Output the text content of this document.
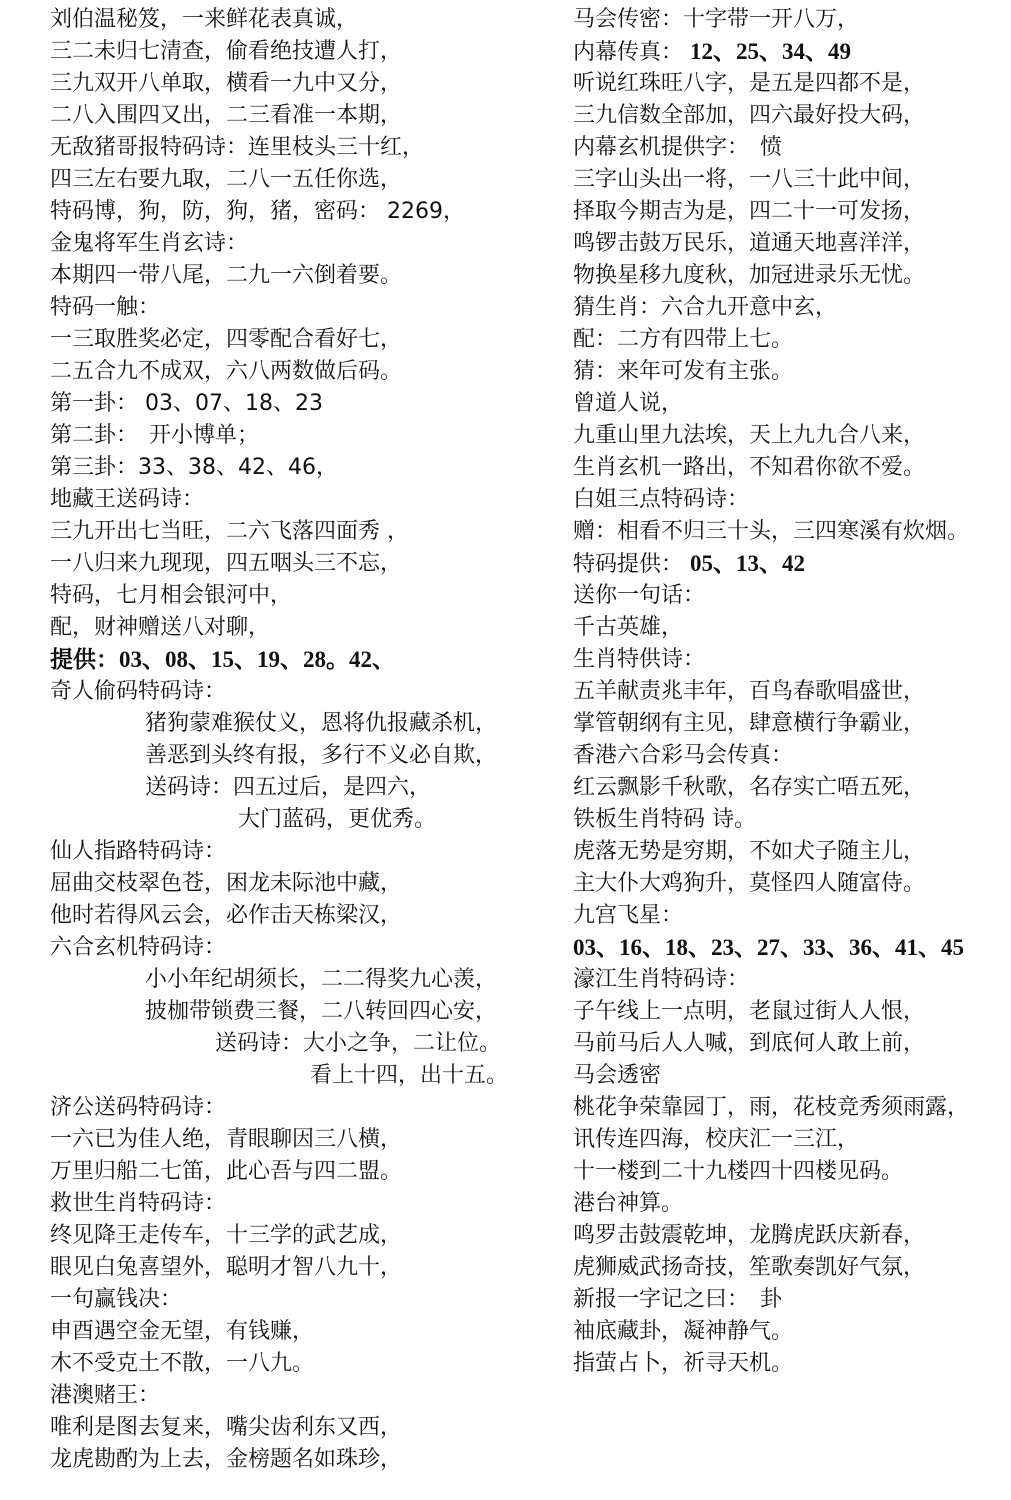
刘伯温秘笈，一来鲜花表真诚，
三二未归七清查，偷看绝技遭人打，
三九双开八单取，横看一九中又分，
二八入围四又出，二三看准一本期，
无敌猪哥报特码诗：连里枝头三十红，
四三左右要九取，二八一五任你选，
特码博，狗，防，狗，猪，密码： 2269，
金鬼将军生肖玄诗：
本期四一带八尾，二九一六倒着要。
特码一触：
一三取胜奖必定，四零配合看好七，
二五合九不成双，六八两数做后码。
第一卦： 03、07、18、23
第二卦：　开小博单；
第三卦：33、38、42、46，
地藏王送码诗：
三九开出七当旺，二六飞落四面秀 ，
一八归来九现现，四五咽头三不忘，
特码，七月相会银河中，
配，财神赠送八对聊，
提供：03、08、15、19、28。42、
奇人偷码特码诗：
猪狗蒙难猴仗义，恩将仇报藏杀机，
善恶到头终有报，多行不义必自欺，
送码诗：四五过后，是四六，
大门蓝码，更优秀。
仙人指路特码诗：
屈曲交枝翠色苍，困龙未际池中藏，
他时若得风云会，必作击天栋梁汉，
六合玄机特码诗：
小小年纪胡须长，二二得奖九心羡，
披枷带锁费三餐，二八转回四心安，
送码诗：大小之争，二让位。
看上十四，出十五。
济公送码特码诗：
一六已为佳人绝，青眼聊因三八横，
万里归船二七笛，此心吾与四二盟。
救世生肖特码诗：
终见降王走传车，十三学的武艺成，
眼见白兔喜望外，聪明才智八九十，
一句赢钱决：
申酉遇空金无望，有钱赚，
木不受克土不散，一八九。
港澳赌王：
唯利是图去复来，嘴尖齿利东又西，
龙虎勘酌为上去，金榜题名如珠珍，
马会传密：十字带一开八万，
内幕传真： 12、25、34、49
听说红珠旺八字，是五是四都不是，
三九信数全部加，四六最好投大码，
内幕玄机提供字：　愤
三字山头出一将，一八三十此中间，
择取今期吉为是，四二十一可发扬，
鸣锣击鼓万民乐，道通天地喜洋洋，
物换星移九度秋，加冠进录乐无忧。
猜生肖：六合九开意中玄，
配：二方有四带上七。
猜：来年可发有主张。
曾道人说，
九重山里九法埃，天上九九合八来，
生肖玄机一路出，不知君你欲不爱。
白姐三点特码诗：
赠：相看不归三十头，三四寒溪有炊烟。
特码提供： 05、13、42
送你一句话：
千古英雄，
生肖特供诗：
五羊献责兆丰年，百鸟春歌唱盛世，
掌管朝纲有主见，肆意横行争霸业，
香港六合彩马会传真：
红云飘影千秋歌，名存实亡唔五死，
铁板生肖特码 诗。
虎落无势是穷期，不如犬子随主儿，
主大仆大鸡狗升，莫怪四人随富侍。
九宫飞星：
03、16、18、23、27、33、36、41、45
濠江生肖特码诗：
子午线上一点明，老鼠过街人人恨，
马前马后人人喊，到底何人敢上前，
马会透密
桃花争荣靠园丁，雨，花枝竞秀须雨露，
讯传连四海，校庆汇一三江，
十一楼到二十九楼四十四楼见码。
港台神算。
鸣罗击鼓震乾坤，龙腾虎跃庆新春，
虎狮威武扬奇技，笙歌奏凯好气氛，
新报一字记之曰：　卦
袖底藏卦，凝神静气。
指萤占卜，祈寻天机。
